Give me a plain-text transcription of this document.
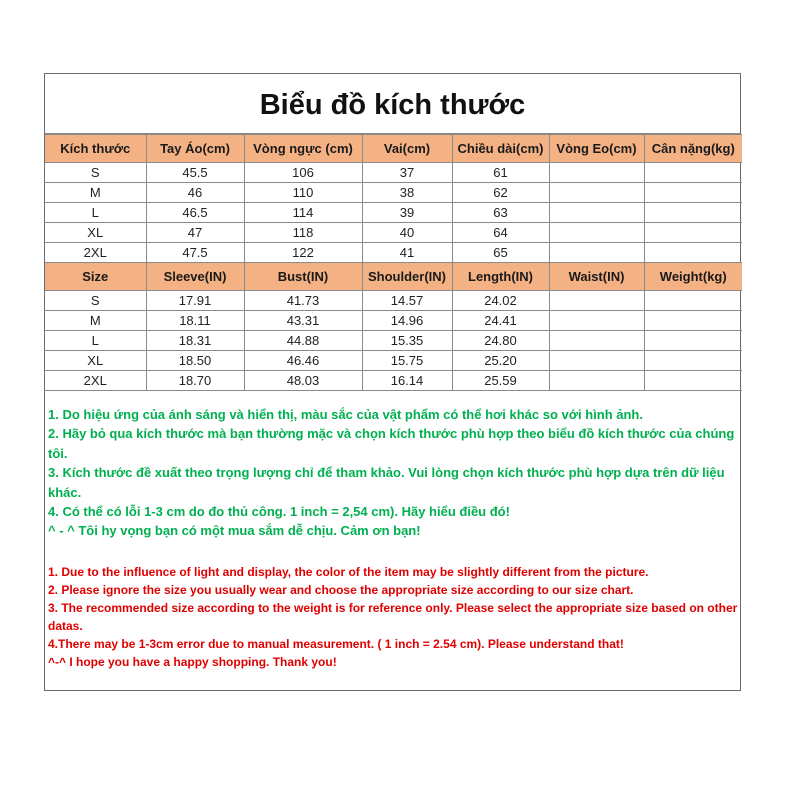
Biểu đồ kích thước
Kích thước	Tay Áo(cm)	Vòng ngực (cm)	Vai(cm)	Chiều dài(cm)	Vòng Eo(cm)	Cân nặng(kg)
S	45.5	106	37	61		
M	46	110	38	62		
L	46.5	114	39	63		
XL	47	118	40	64		
2XL	47.5	122	41	65		
Size	Sleeve(IN)	Bust(IN)	Shoulder(IN)	Length(IN)	Waist(IN)	Weight(kg)
S	17.91	41.73	14.57	24.02		
M	18.11	43.31	14.96	24.41		
L	18.31	44.88	15.35	24.80		
XL	18.50	46.46	15.75	25.20		
2XL	18.70	48.03	16.14	25.59		

1. Do hiệu ứng của ánh sáng và hiển thị, màu sắc của vật phẩm có thể hơi khác so với hình ảnh.

2. Hãy bỏ qua kích thước mà bạn thường mặc và chọn kích thước phù hợp theo biểu đồ kích thước của chúng tôi.

3. Kích thước đề xuất theo trọng lượng chỉ để tham khảo. Vui lòng chọn kích thước phù hợp dựa trên dữ liệu khác.

4. Có thể có lỗi 1-3 cm do đo thủ công. 1 inch = 2,54 cm). Hãy hiểu điều đó!

^ - ^ Tôi hy vọng bạn có một mua sắm dễ chịu. Cảm ơn bạn!

1. Due to the influence of light and display, the color of the item may be slightly different from the picture.

2. Please ignore the size you usually wear and choose the appropriate size according to our size chart.

3. The recommended size according to the weight is for reference only. Please select the appropriate size based on other datas.

4.There may be 1-3cm error due to manual measurement. ( 1 inch = 2.54 cm). Please understand that!

^-^ I hope you have a happy shopping. Thank you!
